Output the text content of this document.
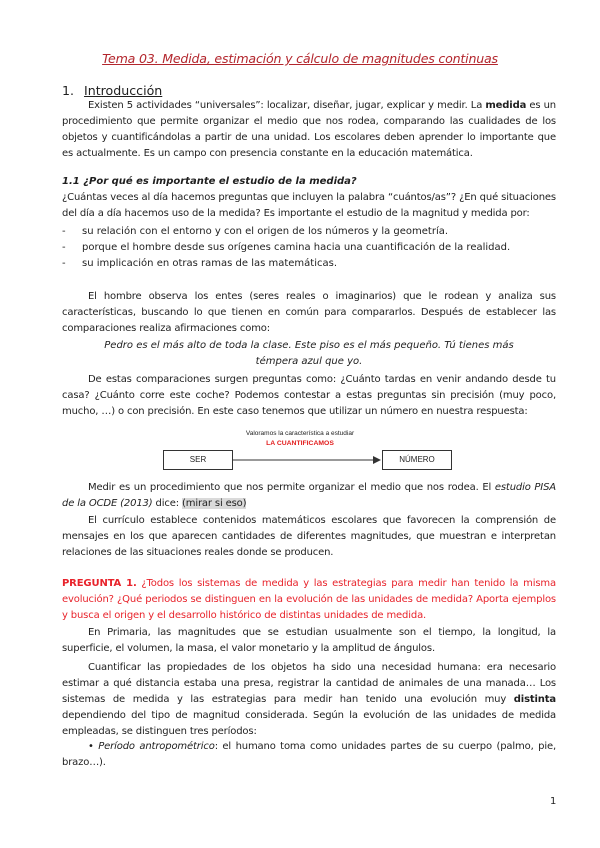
Tema 03. Medida, estimación y cálculo de magnitudes continuas
1. Introducción
Existen 5 actividades “universales”: localizar, diseñar, jugar, explicar y medir. La medida es un procedimiento que permite organizar el medio que nos rodea, comparando las cualidades de los objetos y cuantificándolas a partir de una unidad. Los escolares deben aprender lo importante que es actualmente. Es un campo con presencia constante en la educación matemática.
1.1 ¿Por qué es importante el estudio de la medida?
¿Cuántas veces al día hacemos preguntas que incluyen la palabra “cuántos/as”? ¿En qué situaciones del día a día hacemos uso de la medida? Es importante el estudio de la magnitud y medida por:
- su relación con el entorno y con el origen de los números y la geometría.
- porque el hombre desde sus orígenes camina hacia una cuantificación de la realidad.
- su implicación en otras ramas de las matemáticas.
El hombre observa los entes (seres reales o imaginarios) que le rodean y analiza sus características, buscando lo que tienen en común para compararlos. Después de establecer las comparaciones realiza afirmaciones como:
Pedro es el más alto de toda la clase. Este piso es el más pequeño. Tú tienes más témpera azul que yo.
De estas comparaciones surgen preguntas como: ¿Cuánto tardas en venir andando desde tu casa? ¿Cuánto corre este coche? Podemos contestar a estas preguntas sin precisión (muy poco, mucho, …) o con precisión. En este caso tenemos que utilizar un número en nuestra respuesta:
Valoramos la característica a estudiar
LA CUANTIFICAMOS
SER	NÚMERO
Medir es un procedimiento que nos permite organizar el medio que nos rodea. El estudio PISA de la OCDE (2013) dice: (mirar si eso)
El currículo establece contenidos matemáticos escolares que favorecen la comprensión de mensajes en los que aparecen cantidades de diferentes magnitudes, que muestran e interpretan relaciones de las situaciones reales donde se producen.
PREGUNTA 1. ¿Todos los sistemas de medida y las estrategias para medir han tenido la misma evolución? ¿Qué periodos se distinguen en la evolución de las unidades de medida? Aporta ejemplos y busca el origen y el desarrollo histórico de distintas unidades de medida.
En Primaria, las magnitudes que se estudian usualmente son el tiempo, la longitud, la superficie, el volumen, la masa, el valor monetario y la amplitud de ángulos.
Cuantificar las propiedades de los objetos ha sido una necesidad humana: era necesario estimar a qué distancia estaba una presa, registrar la cantidad de animales de una manada… Los sistemas de medida y las estrategias para medir han tenido una evolución muy distinta dependiendo del tipo de magnitud considerada. Según la evolución de las unidades de medida empleadas, se distinguen tres períodos:
• Período antropométrico: el humano toma como unidades partes de su cuerpo (palmo, pie, brazo…).
1
